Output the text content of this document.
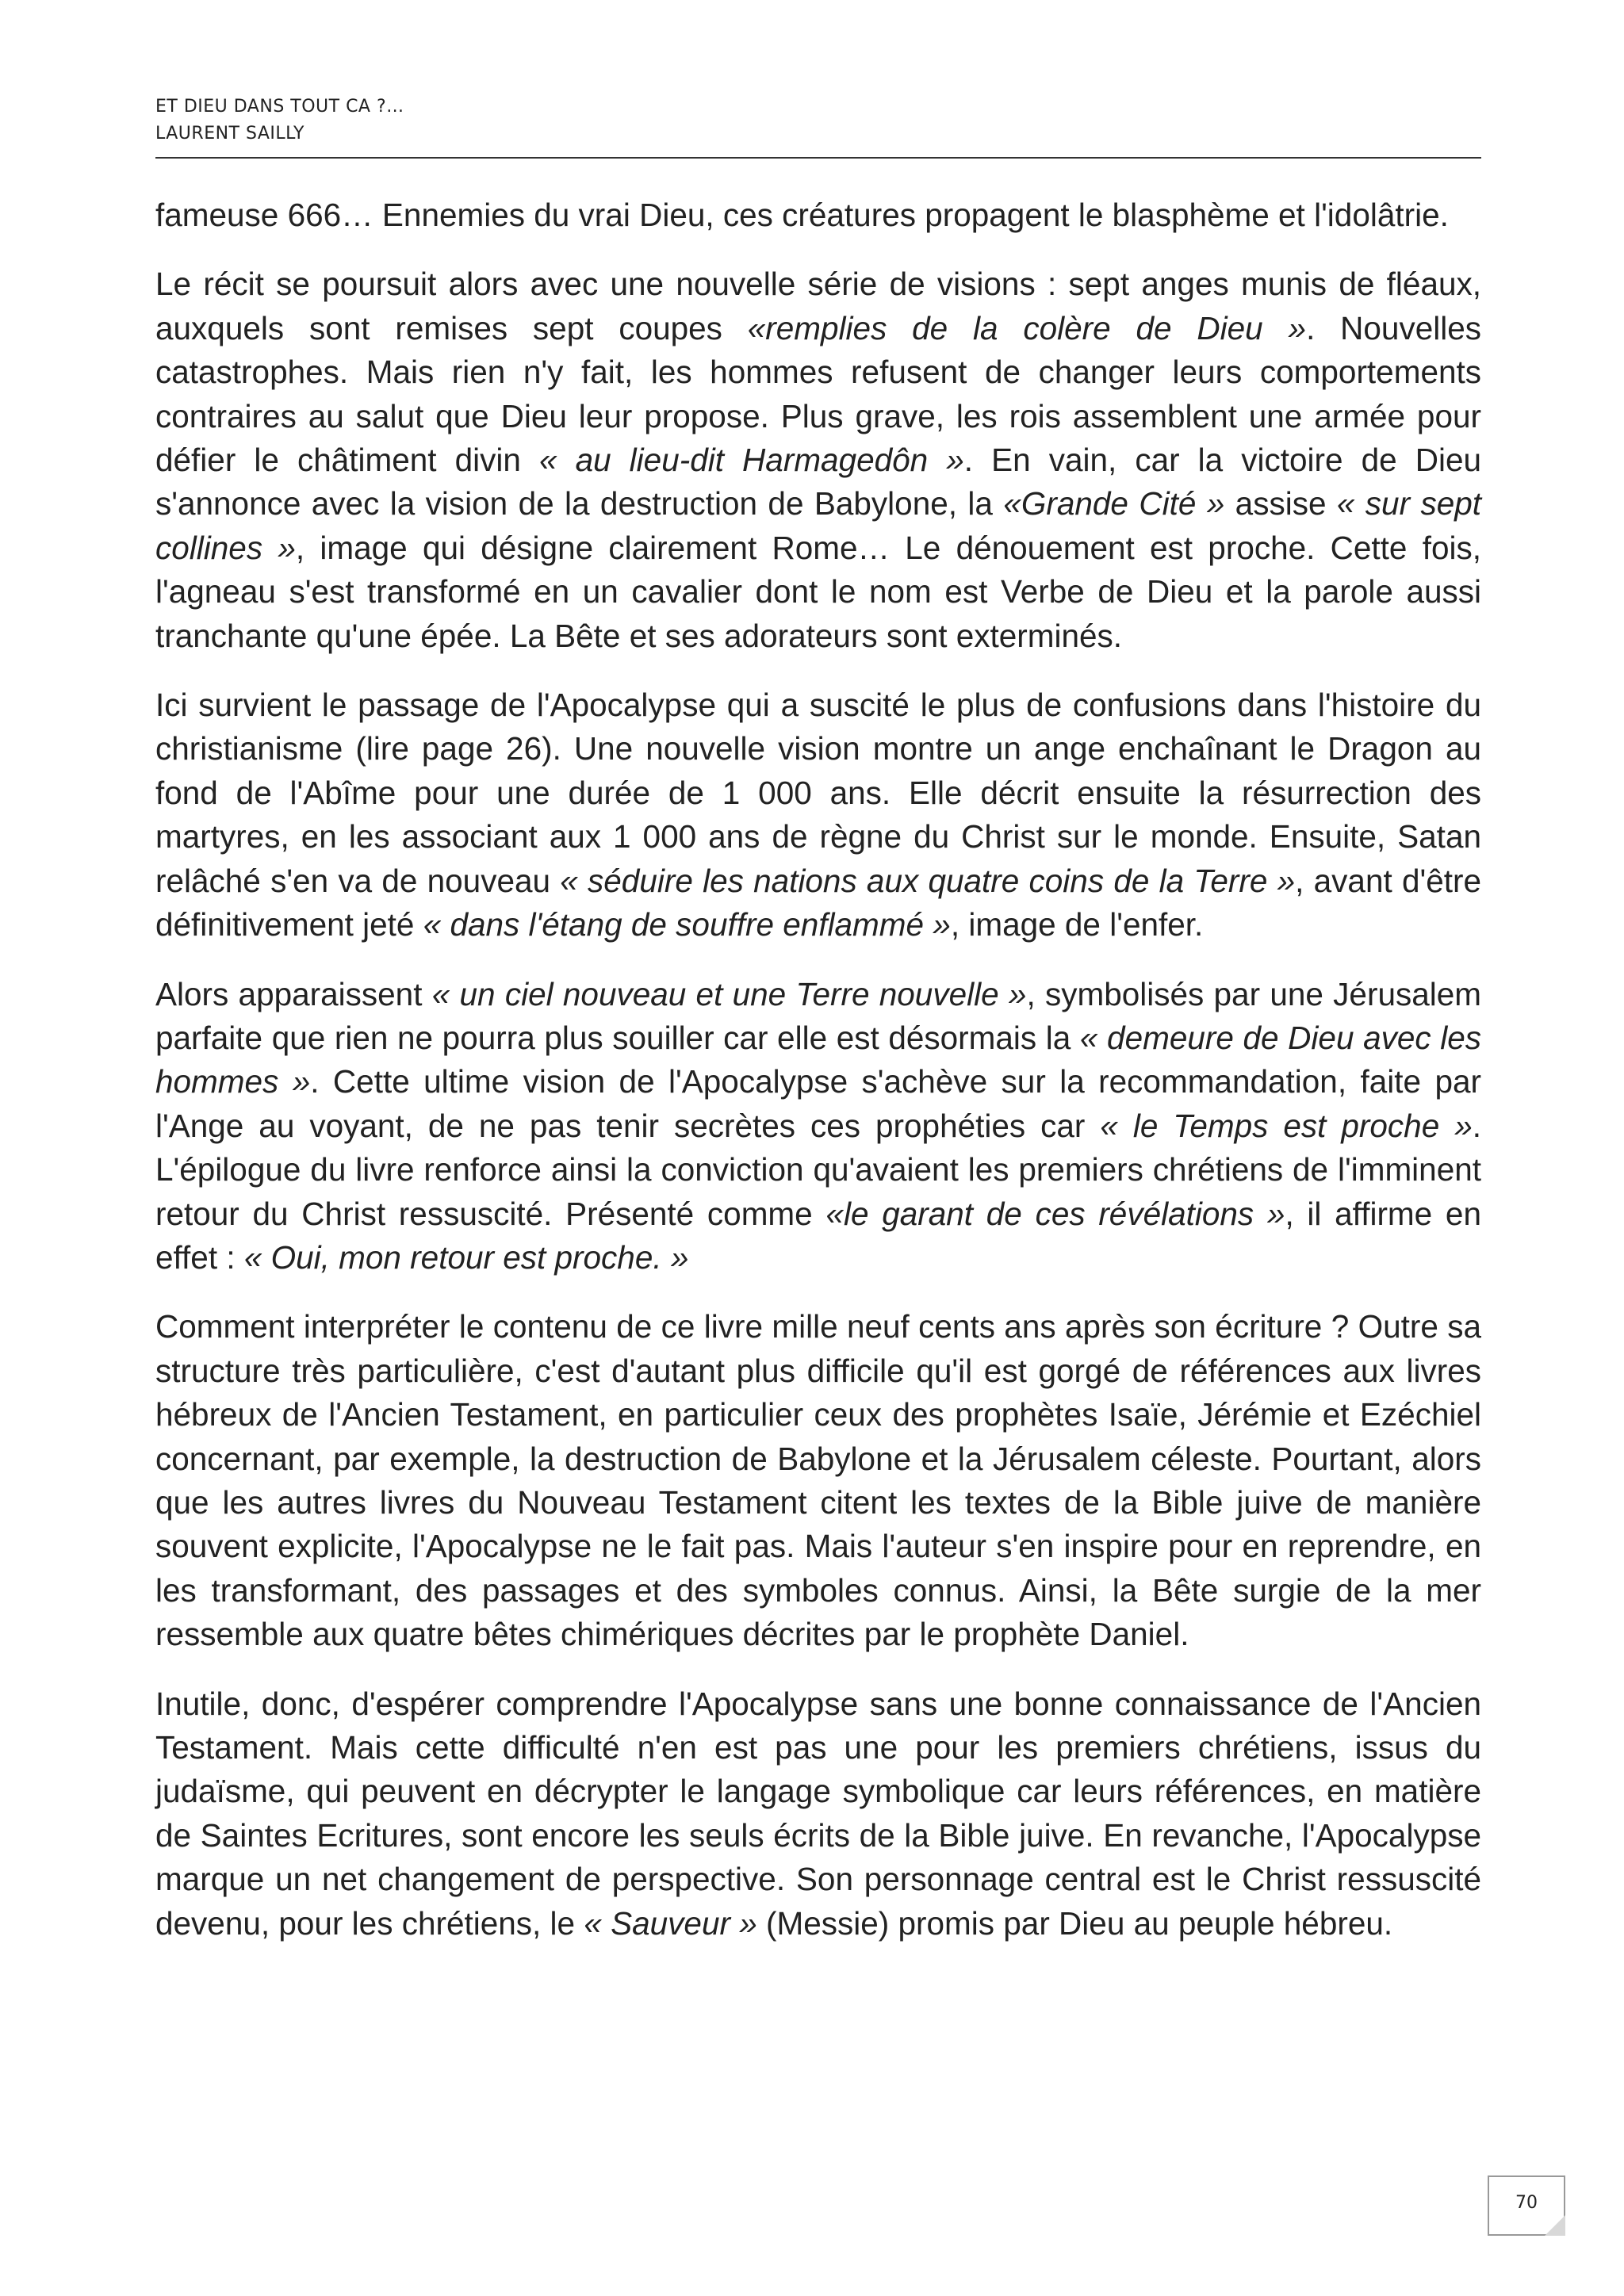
ET DIEU DANS TOUT CA ?…
LAURENT SAILLY

fameuse 666… Ennemies du vrai Dieu, ces créatures propagent le blasphème et l'idolâtrie.

Le récit se poursuit alors avec une nouvelle série de visions : sept anges munis de fléaux, auxquels sont remises sept coupes «remplies de la colère de Dieu ». Nouvelles catastrophes. Mais rien n'y fait, les hommes refusent de changer leurs comportements contraires au salut que Dieu leur propose. Plus grave, les rois assemblent une armée pour défier le châtiment divin « au lieu-dit Harmagedôn ». En vain, car la victoire de Dieu s'annonce avec la vision de la destruction de Babylone, la «Grande Cité » assise « sur sept collines », image qui désigne clairement Rome… Le dénouement est proche. Cette fois, l'agneau s'est transformé en un cavalier dont le nom est Verbe de Dieu et la parole aussi tranchante qu'une épée. La Bête et ses adorateurs sont exterminés.

Ici survient le passage de l'Apocalypse qui a suscité le plus de confusions dans l'histoire du christianisme (lire page 26). Une nouvelle vision montre un ange enchaînant le Dragon au fond de l'Abîme pour une durée de 1 000 ans. Elle décrit ensuite la résurrection des martyres, en les associant aux 1 000 ans de règne du Christ sur le monde. Ensuite, Satan relâché s'en va de nouveau « séduire les nations aux quatre coins de la Terre », avant d'être définitivement jeté « dans l'étang de souffre enflammé », image de l'enfer.

Alors apparaissent « un ciel nouveau et une Terre nouvelle », symbolisés par une Jérusalem parfaite que rien ne pourra plus souiller car elle est désormais la « demeure de Dieu avec les hommes ». Cette ultime vision de l'Apocalypse s'achève sur la recommandation, faite par l'Ange au voyant, de ne pas tenir secrètes ces prophéties car « le Temps est proche ». L'épilogue du livre renforce ainsi la conviction qu'avaient les premiers chrétiens de l'imminent retour du Christ ressuscité. Présenté comme «le garant de ces révélations », il affirme en effet : « Oui, mon retour est proche. »

Comment interpréter le contenu de ce livre mille neuf cents ans après son écriture ? Outre sa structure très particulière, c'est d'autant plus difficile qu'il est gorgé de références aux livres hébreux de l'Ancien Testament, en particulier ceux des prophètes Isaïe, Jérémie et Ezéchiel concernant, par exemple, la destruction de Babylone et la Jérusalem céleste. Pourtant, alors que les autres livres du Nouveau Testament citent les textes de la Bible juive de manière souvent explicite, l'Apocalypse ne le fait pas. Mais l'auteur s'en inspire pour en reprendre, en les transformant, des passages et des symboles connus. Ainsi, la Bête surgie de la mer ressemble aux quatre bêtes chimériques décrites par le prophète Daniel.

Inutile, donc, d'espérer comprendre l'Apocalypse sans une bonne connaissance de l'Ancien Testament. Mais cette difficulté n'en est pas une pour les premiers chrétiens, issus du judaïsme, qui peuvent en décrypter le langage symbolique car leurs références, en matière de Saintes Ecritures, sont encore les seuls écrits de la Bible juive. En revanche, l'Apocalypse marque un net changement de perspective. Son personnage central est le Christ ressuscité devenu, pour les chrétiens, le « Sauveur » (Messie) promis par Dieu au peuple hébreu.

70
